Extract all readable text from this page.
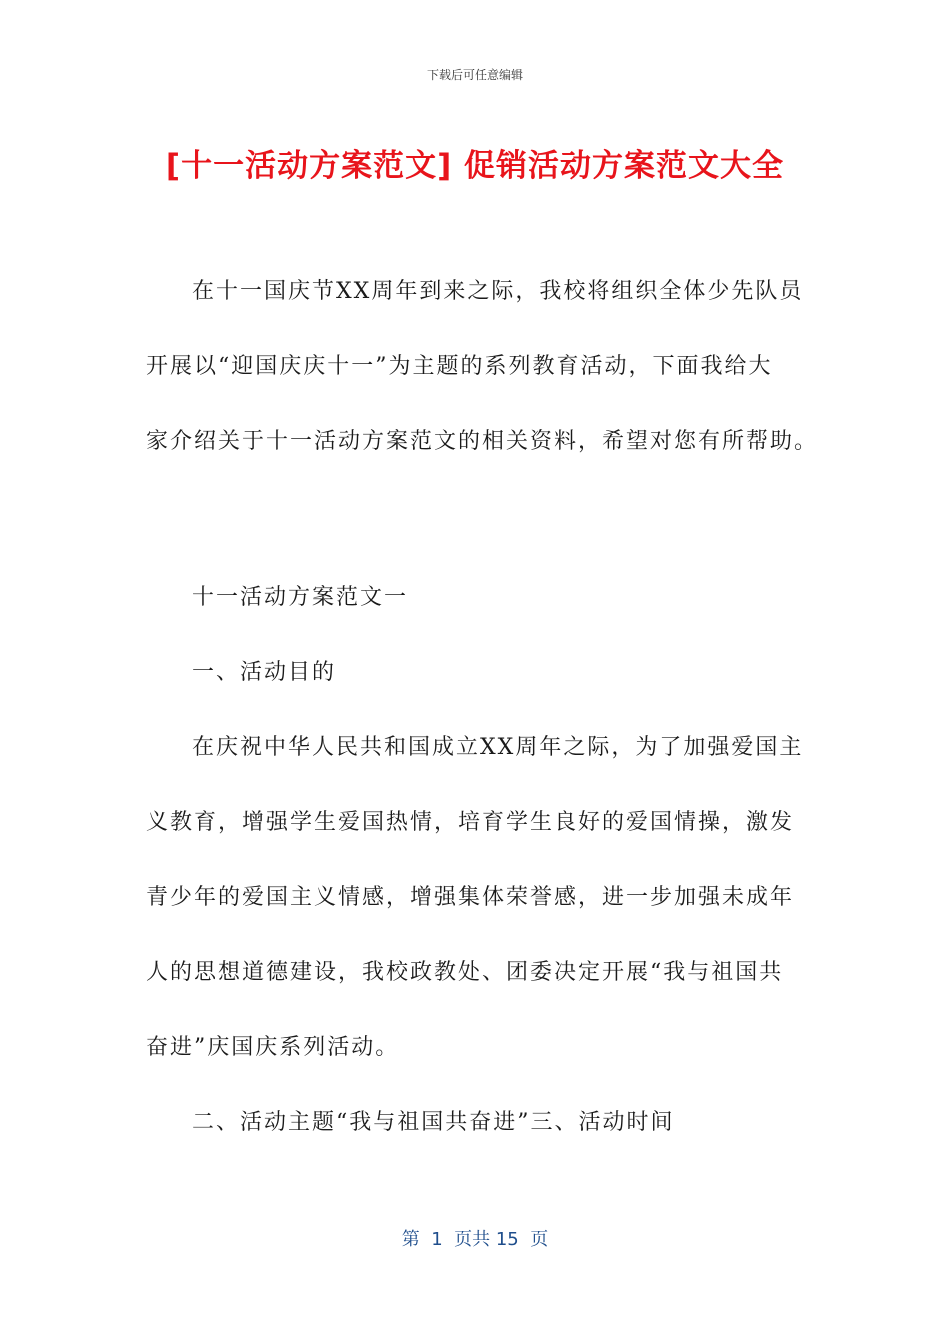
下载后可任意编辑
[十一活动方案范文] 促销活动方案范文大全
在十一国庆节XX周年到来之际，我校将组织全体少先队员
开展以“迎国庆庆十一”为主题的系列教育活动，下面我给大
家介绍关于十一活动方案范文的相关资料，希望对您有所帮助。
十一活动方案范文一
一、活动目的
在庆祝中华人民共和国成立XX周年之际，为了加强爱国主
义教育，增强学生爱国热情，培育学生良好的爱国情操，激发
青少年的爱国主义情感，增强集体荣誉感，进一步加强未成年
人的思想道德建设，我校政教处、团委决定开展“我与祖国共
奋进”庆国庆系列活动。
二、活动主题“我与祖国共奋进”三、活动时间
第  1  页共 15  页
